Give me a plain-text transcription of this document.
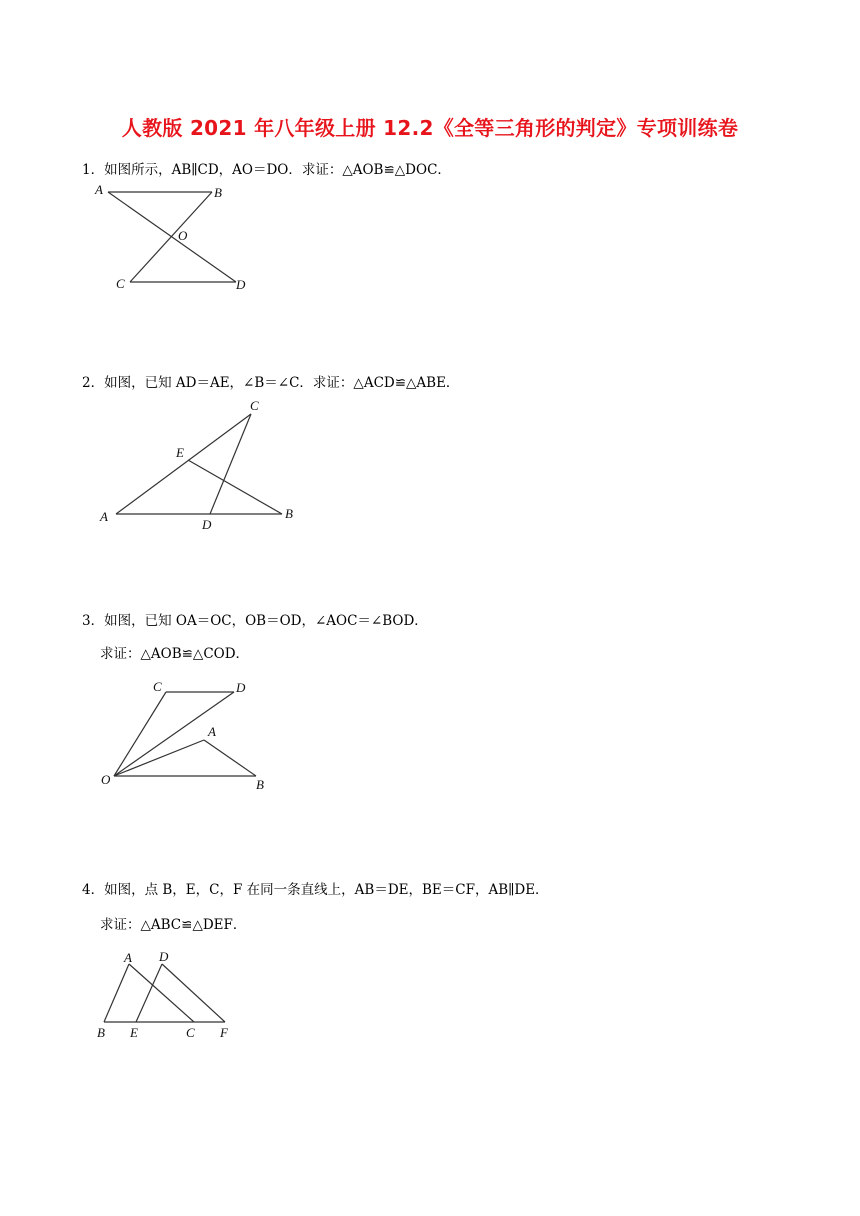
人教版 2021 年八年级上册 12.2《全等三角形的判定》专项训练卷
1．如图所示，AB∥CD，AO＝DO．求证：△AOB≌△DOC．
A	B
O
C	D
2．如图，已知 AD＝AE，∠B＝∠C．求证：△ACD≌△ABE．
C
E
A
D
B
3．如图，已知 OA＝OC，OB＝OD，∠AOC＝∠BOD．
求证：△AOB≌△COD．
C	D
A
O	B
4．如图，点 B，E，C，F 在同一条直线上，AB＝DE，BE＝CF，AB∥DE．
求证：△ABC≌△DEF．
A D
B E	C F
